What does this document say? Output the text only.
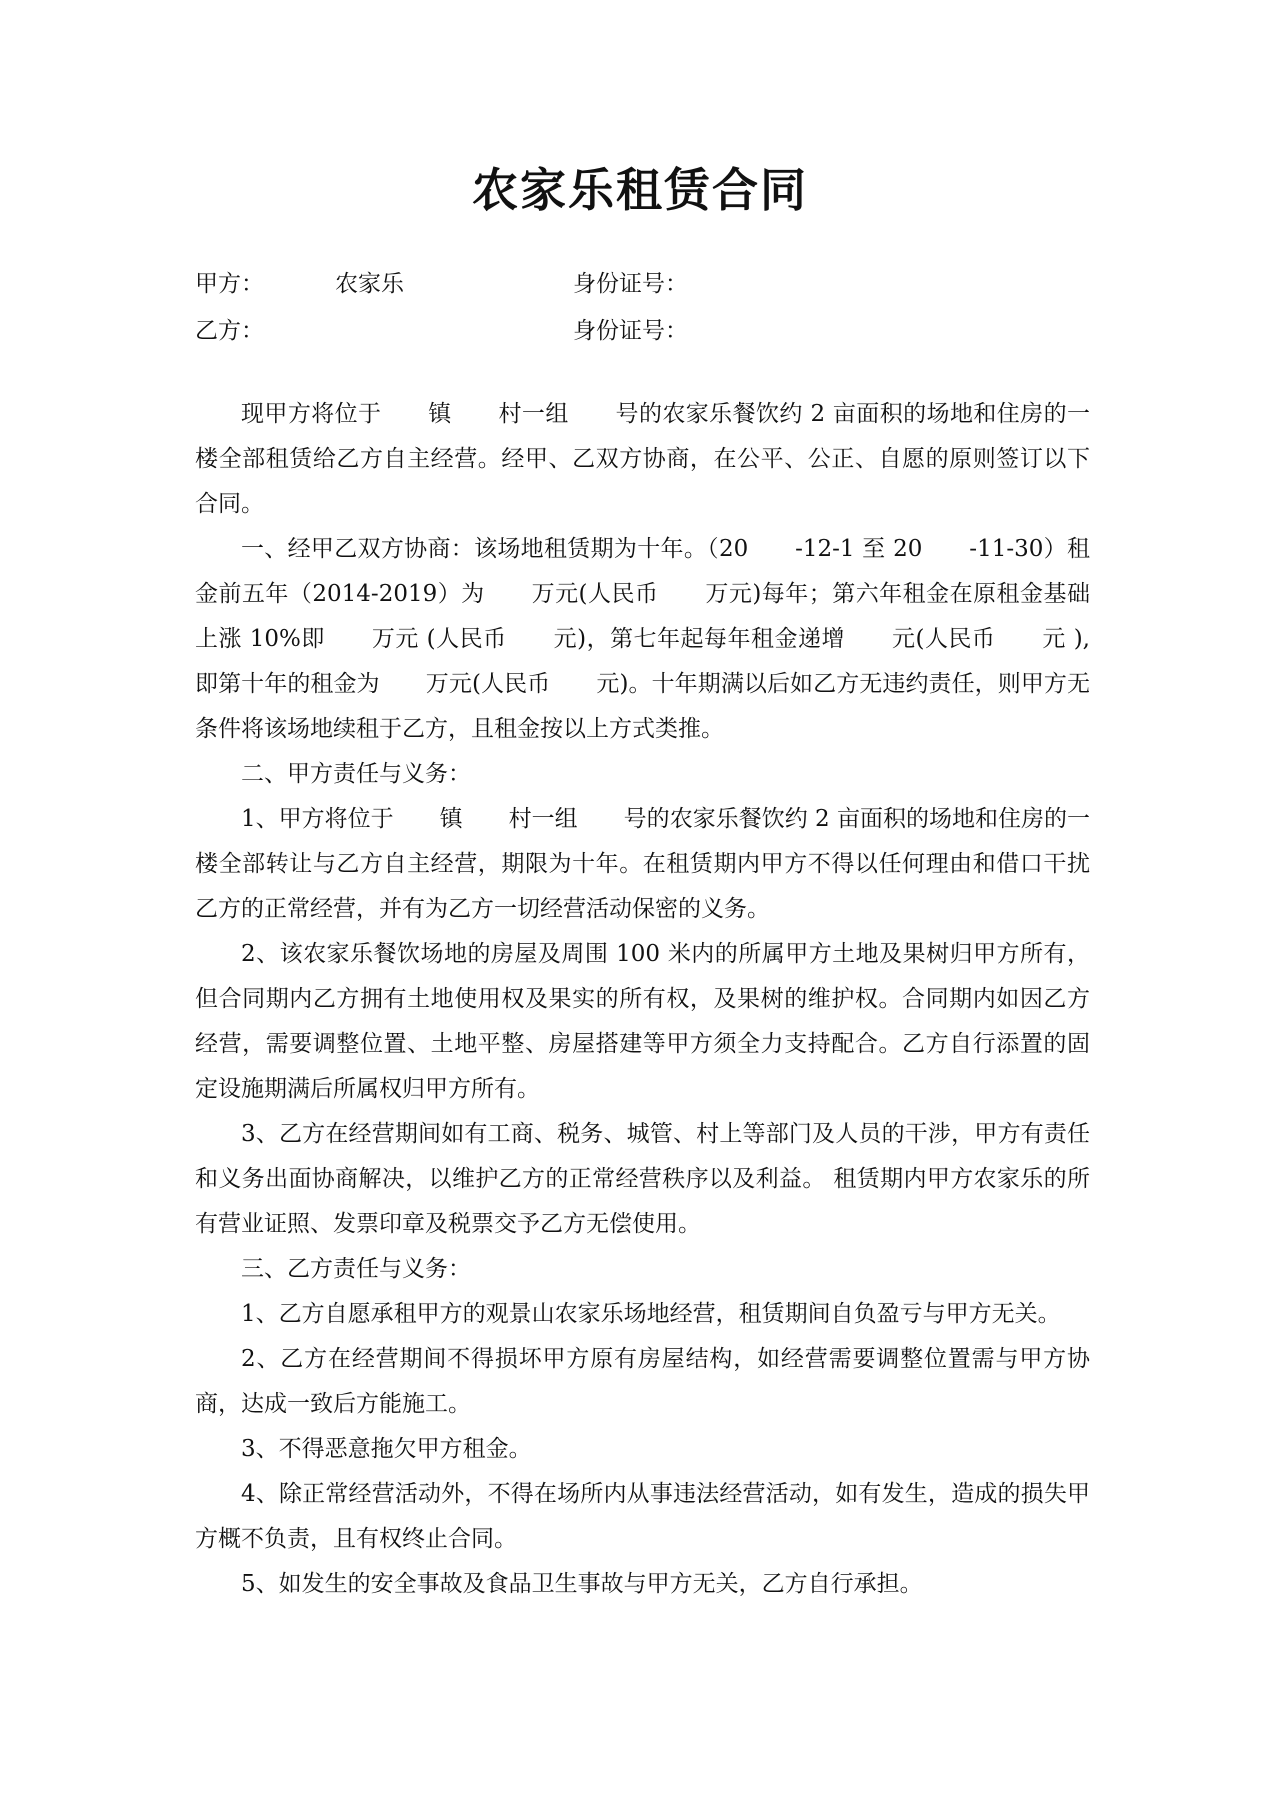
农家乐租赁合同
甲方：	农家乐	身份证号：
乙方：	身份证号：

现甲方将位于　　镇　　村一组　　号的农家乐餐饮约 2 亩面积的场地和住房的一楼全部租赁给乙方自主经营。经甲、乙双方协商，在公平、公正、自愿的原则签订以下合同。

一、经甲乙双方协商：该场地租赁期为十年。（20　　-12-1 至 20　　-11-30）租金前五年（2014-2019）为　　万元(人民币　　万元)每年；第六年租金在原租金基础上涨 10%即　　万元 (人民币　　元)，第七年起每年租金递增　　元(人民币　　元 ),即第十年的租金为　　万元(人民币　　元)。十年期满以后如乙方无违约责任，则甲方无条件将该场地续租于乙方，且租金按以上方式类推。

二、甲方责任与义务：

1、甲方将位于　　镇　　村一组　　号的农家乐餐饮约 2 亩面积的场地和住房的一楼全部转让与乙方自主经营，期限为十年。在租赁期内甲方不得以任何理由和借口干扰乙方的正常经营，并有为乙方一切经营活动保密的义务。

2、该农家乐餐饮场地的房屋及周围 100 米内的所属甲方土地及果树归甲方所有，但合同期内乙方拥有土地使用权及果实的所有权，及果树的维护权。合同期内如因乙方经营，需要调整位置、土地平整、房屋搭建等甲方须全力支持配合。乙方自行添置的固定设施期满后所属权归甲方所有。

3、乙方在经营期间如有工商、税务、城管、村上等部门及人员的干涉，甲方有责任和义务出面协商解决，以维护乙方的正常经营秩序以及利益。 租赁期内甲方农家乐的所有营业证照、发票印章及税票交予乙方无偿使用。

三、乙方责任与义务：

1、乙方自愿承租甲方的观景山农家乐场地经营，租赁期间自负盈亏与甲方无关。

2、乙方在经营期间不得损坏甲方原有房屋结构，如经营需要调整位置需与甲方协商，达成一致后方能施工。

3、不得恶意拖欠甲方租金。

4、除正常经营活动外，不得在场所内从事违法经营活动，如有发生，造成的损失甲方概不负责，且有权终止合同。

5、如发生的安全事故及食品卫生事故与甲方无关，乙方自行承担。
